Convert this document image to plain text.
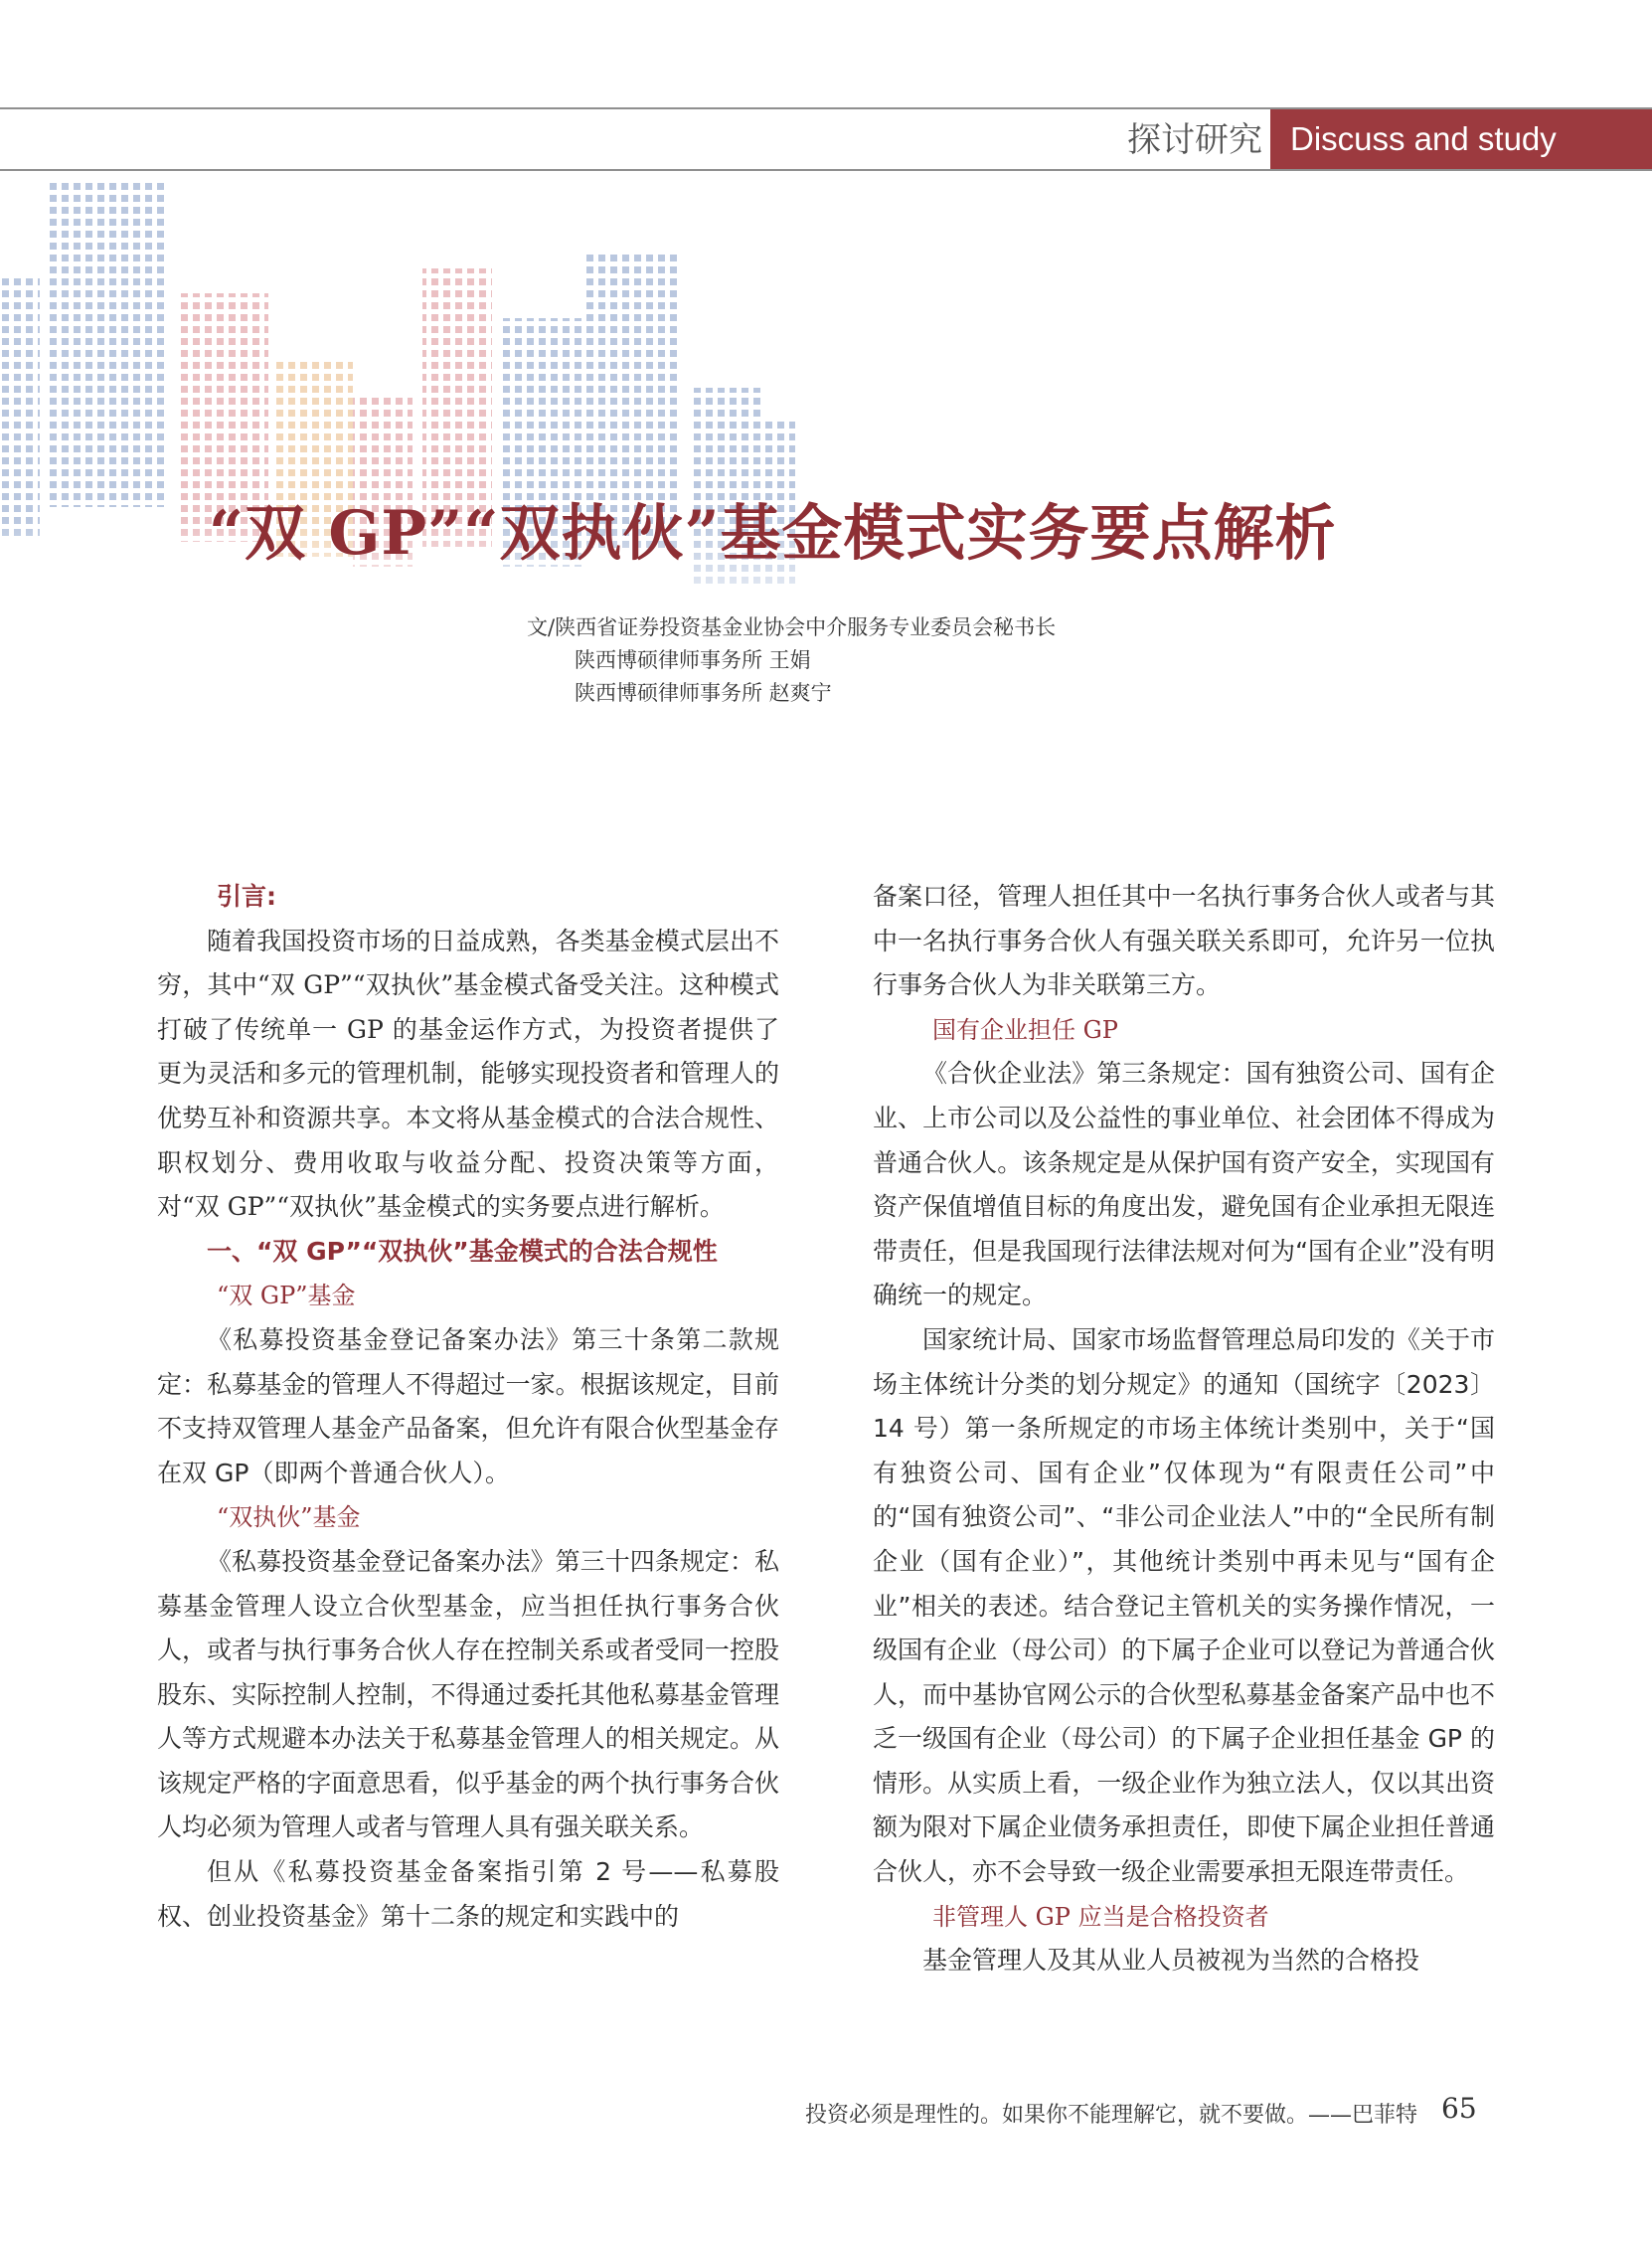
探讨研究 Discuss and study
“双 GP”“双执伙”基金模式实务要点解析
文/陕西省证券投资基金业协会中介服务专业委员会秘书长
陕西博硕律师事务所 王娟
陕西博硕律师事务所 赵爽宁

引言:

随着我国投资市场的日益成熟，各类基金模式层出不穷，其中“双 GP”“双执伙”基金模式备受关注。这种模式打破了传统单一 GP 的基金运作方式，为投资者提供了更为灵活和多元的管理机制，能够实现投资者和管理人的优势互补和资源共享。本文将从基金模式的合法合规性、职权划分、费用收取与收益分配、投资决策等方面，对“双 GP”“双执伙”基金模式的实务要点进行解析。

一、“双 GP”“双执伙”基金模式的合法合规性

“双 GP”基金

《私募投资基金登记备案办法》第三十条第二款规定：私募基金的管理人不得超过一家。根据该规定，目前不支持双管理人基金产品备案，但允许有限合伙型基金存在双 GP（即两个普通合伙人）。

“双执伙”基金

《私募投资基金登记备案办法》第三十四条规定：私募基金管理人设立合伙型基金，应当担任执行事务合伙人，或者与执行事务合伙人存在控制关系或者受同一控股股东、实际控制人控制，不得通过委托其他私募基金管理人等方式规避本办法关于私募基金管理人的相关规定。从该规定严格的字面意思看，似乎基金的两个执行事务合伙人均必须为管理人或者与管理人具有强关联关系。

但从《私募投资基金备案指引第 2 号——私募股权、创业投资基金》第十二条的规定和实践中的

备案口径，管理人担任其中一名执行事务合伙人或者与其中一名执行事务合伙人有强关联关系即可，允许另一位执行事务合伙人为非关联第三方。

国有企业担任 GP

《合伙企业法》第三条规定：国有独资公司、国有企业、上市公司以及公益性的事业单位、社会团体不得成为普通合伙人。该条规定是从保护国有资产安全，实现国有资产保值增值目标的角度出发，避免国有企业承担无限连带责任，但是我国现行法律法规对何为“国有企业”没有明确统一的规定。

国家统计局、国家市场监督管理总局印发的《关于市场主体统计分类的划分规定》的通知（国统字〔2023〕14 号）第一条所规定的市场主体统计类别中，关于“国有独资公司、国有企业”仅体现为“有限责任公司”中的“国有独资公司”、“非公司企业法人”中的“全民所有制企业（国有企业）”，其他统计类别中再未见与“国有企业”相关的表述。结合登记主管机关的实务操作情况，一级国有企业（母公司）的下属子企业可以登记为普通合伙人，而中基协官网公示的合伙型私募基金备案产品中也不乏一级国有企业（母公司）的下属子企业担任基金 GP 的情形。从实质上看，一级企业作为独立法人，仅以其出资额为限对下属企业债务承担责任，即使下属企业担任普通合伙人，亦不会导致一级企业需要承担无限连带责任。

非管理人 GP 应当是合格投资者

基金管理人及其从业人员被视为当然的合格投

投资必须是理性的。如果你不能理解它，就不要做。——巴菲特 65
